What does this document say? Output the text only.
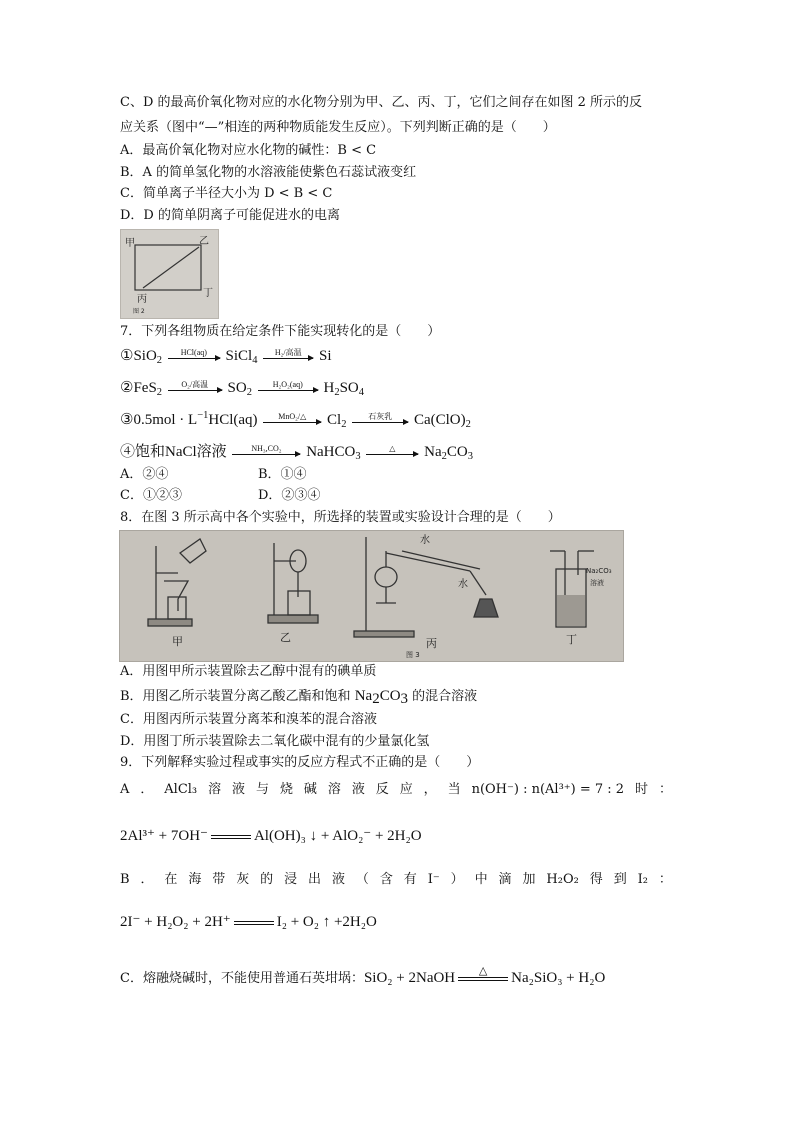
C、D 的最高价氧化物对应的水化物分别为甲、乙、丙、丁，它们之间存在如图 2 所示的反
应关系（图中“—”相连的两种物质能发生反应）。下列判断正确的是（　　）
A．最高价氧化物对应水化物的碱性：B < C
B．A 的简单氢化物的水溶液能使紫色石蕊试液变红
C．简单离子半径大小为 D < B < C
D．D 的简单阴离子可能促进水的电离
甲	乙
丙
丁
图 2
7．下列各组物质在给定条件下能实现转化的是（　　）
①SiO$_2$
HCl(aq)	SiCl$_4$
H₂/高温	Si
②FeS$_2$
O₂/高温	$SO_2$
H₂O₂(aq)	$H_2SO_4$
③0.5mol · $L^{-1}HCl(aq)$	MnO₂/△	$Cl_2$
石灰乳	$Ca(ClO)_2$
④饱和NaCl溶液	NH₃,CO₂	NaHCO$_3$
△	$Na_2CO_3$
A．②④	B．①④
C．①②③	D．②③④
8．在图 3 所示高中各个实验中，所选择的装置或实验设计合理的是（　　）
甲	乙
水
水
丙
Na₂CO₃
溶液
丁
图 3
A．用图甲所示装置除去乙醇中混有的碘单质
B．用图乙所示装置分离乙酸乙酯和饱和 $Na_2CO_3$ 的混合溶液
C．用图丙所示装置分离苯和溴苯的混合溶液
D．用图丁所示装置除去二氧化碳中混有的少量氯化氢
9．下列解释实验过程或事实的反应方程式不正确的是（　　）
A ． AlCl₃ 溶 液 与 烧 碱 溶 液 反 应 ， 当 n(OH⁻) : n(Al³⁺) = 7 : 2 时 ：
2Al³⁺ + 7OH⁻	Al(OH)₃ ↓ + AlO₂⁻ + 2H₂O
B ． 在 海 带 灰 的 浸 出 液 （ 含 有 I⁻ ） 中 滴 加 H₂O₂ 得 到 I₂ ：
2I⁻ + H₂O₂ + 2H⁺	I₂ + O₂ ↑ +2H₂O
C．熔融烧碱时，不能使用普通石英坩埚：SiO₂ + 2NaOH	△	Na₂SiO₃ + H₂O
